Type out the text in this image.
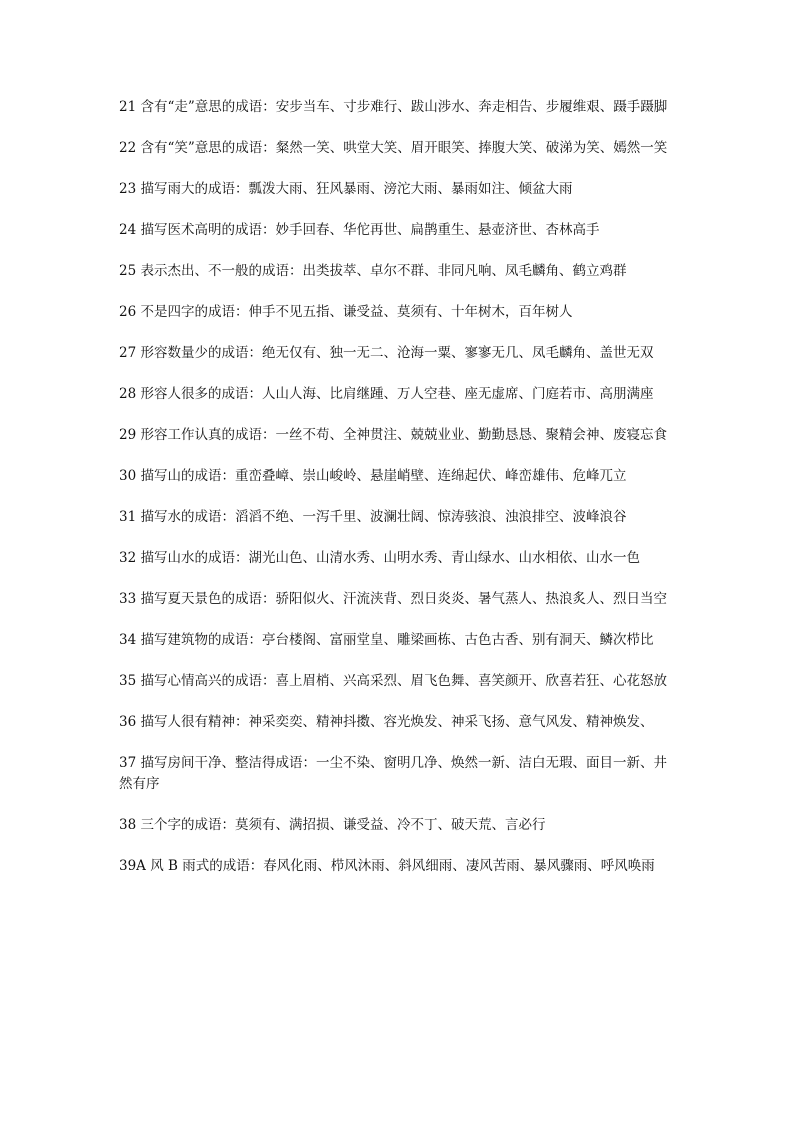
21 含有“走”意思的成语：安步当车、寸步难行、跋山涉水、奔走相告、步履维艰、蹑手蹑脚

22 含有“笑”意思的成语：粲然一笑、哄堂大笑、眉开眼笑、捧腹大笑、破涕为笑、嫣然一笑

23 描写雨大的成语：瓢泼大雨、狂风暴雨、滂沱大雨、暴雨如注、倾盆大雨

24 描写医术高明的成语：妙手回春、华佗再世、扁鹊重生、悬壶济世、杏林高手

25 表示杰出、不一般的成语：出类拔萃、卓尔不群、非同凡响、凤毛麟角、鹤立鸡群

26 不是四字的成语：伸手不见五指、谦受益、莫须有、十年树木，百年树人

27 形容数量少的成语：绝无仅有、独一无二、沧海一粟、寥寥无几、凤毛麟角、盖世无双

28 形容人很多的成语：人山人海、比肩继踵、万人空巷、座无虚席、门庭若市、高朋满座

29 形容工作认真的成语：一丝不苟、全神贯注、兢兢业业、勤勤恳恳、聚精会神、废寝忘食

30 描写山的成语：重峦叠嶂、崇山峻岭、悬崖峭壁、连绵起伏、峰峦雄伟、危峰兀立

31 描写水的成语：滔滔不绝、一泻千里、波澜壮阔、惊涛骇浪、浊浪排空、波峰浪谷

32 描写山水的成语：湖光山色、山清水秀、山明水秀、青山绿水、山水相依、山水一色

33 描写夏天景色的成语：骄阳似火、汗流浃背、烈日炎炎、暑气蒸人、热浪炙人、烈日当空

34 描写建筑物的成语：亭台楼阁、富丽堂皇、雕梁画栋、古色古香、别有洞天、鳞次栉比

35 描写心情高兴的成语：喜上眉梢、兴高采烈、眉飞色舞、喜笑颜开、欣喜若狂、心花怒放

36 描写人很有精神：神采奕奕、精神抖擞、容光焕发、神采飞扬、意气风发、精神焕发、

37 描写房间干净、整洁得成语：一尘不染、窗明几净、焕然一新、洁白无瑕、面目一新、井然有序

38 三个字的成语：莫须有、满招损、谦受益、冷不丁、破天荒、言必行

39A 风 B 雨式的成语：春风化雨、栉风沐雨、斜风细雨、凄风苦雨、暴风骤雨、呼风唤雨
